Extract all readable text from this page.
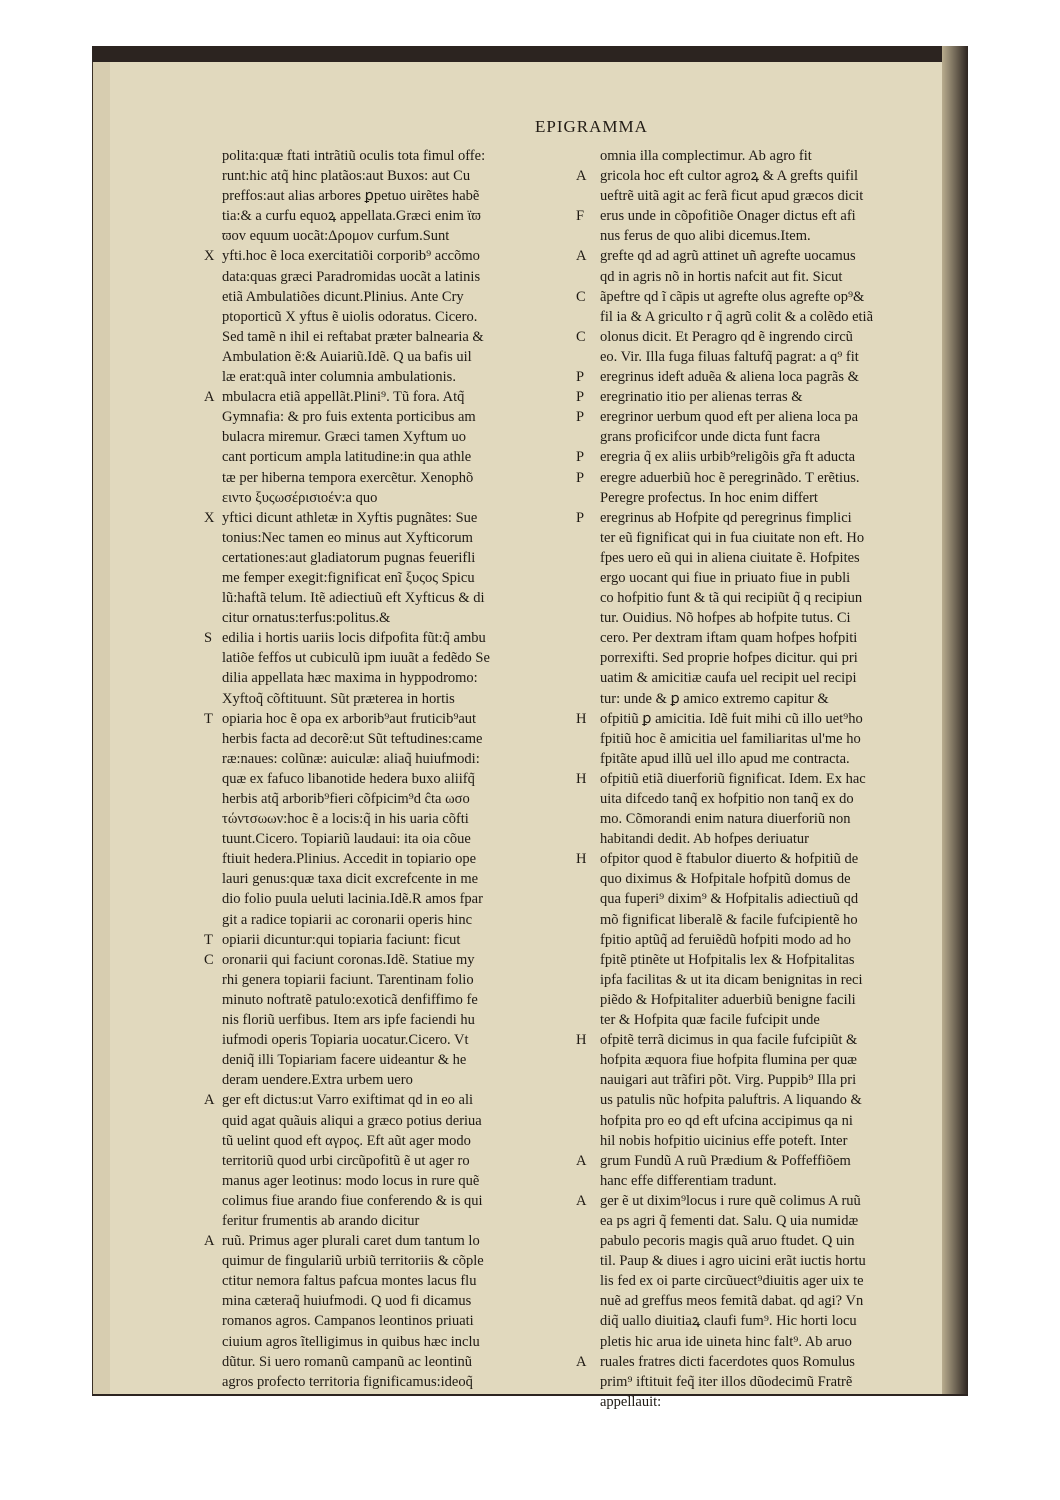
EPIGRAMMA
polita:quæ ftati intrãtiũ oculis tota fimul offe:
runt:hic atq̃ hinc platãos:aut Buxos: aut Cu
preffos:aut alias arbores ꝑpetuo uirẽtes habẽ
tia:& a curfu equoꝝ appellata.Græci enim ϊϖ
ϖov equum uocãt:Δρομον curfum.Sunt
X yfti.hoc ẽ loca exercitatiõi corporib⁹ accõmo
data:quas græci Paradromidas uocãt a latinis
etiã Ambulatiões dicunt.Plinius. Ante Cry
ptoporticũ X yftus ẽ uiolis odoratus. Cicero.
Sed tamẽ n ihil ei reftabat præter balnearia &
Ambulation ẽ:& Auiariũ.Idẽ. Q ua bafis uil
læ erat:quã inter columnia ambulationis.
A mbulacra etiã appellãt.Plini⁹. Tũ fora. Atq̃
Gymnafia: & pro fuis extenta porticibus am
bulacra miremur. Græci tamen Xyftum uo
cant porticum ampla latitudine:in qua athle
tæ per hiberna tempora exercẽtur. Xenophõ
ειντο ξυςωσέρισιοέv:a quo
X yftici dicunt athletæ in Xyftis pugnãtes: Sue
tonius:Nec tamen eo minus aut Xyfticorum
certationes:aut gladiatorum pugnas feuerifli
me femper exegit:fignificat enĩ ξυςος Spicu
lũ:haftã telum. Itẽ adiectiuũ eft Xyfticus & di
citur ornatus:terfus:politus.&
S edilia i hortis uariis locis difpofita fũt:q̃ ambu
latiõe feffos ut cubiculũ ipm iuuãt a fedẽdo Se
dilia appellata hæc maxima in hyppodromo:
Xyftoq̃ cõftituunt. Sũt præterea in hortis
T opiaria hoc ẽ opa ex arborib⁹aut fruticib⁹aut
herbis facta ad decorẽ:ut Sũt teftudines:came
ræ:naues: colũnæ: auiculæ: aliaq̃ huiufmodi:
quæ ex fafuco libanotide hedera buxo aliifq̃
herbis atq̃ arborib⁹fieri cõfpicim⁹d ĉta ωσο
τώντσωων:hoc ẽ a locis:q̃ in his uaria cõfti
tuunt.Cicero. Topiariũ laudaui: ita oia cõue
ftiuit hedera.Plinius. Accedit in topiario ope
lauri genus:quæ taxa dicit excrefcente in me
dio folio puula ueluti lacinia.Idẽ.R amos fpar
git a radice topiarii ac coronarii operis hinc
T opiarii dicuntur:qui topiaria faciunt: ficut
C oronarii qui faciunt coronas.Idẽ. Statiue my
rhi genera topiarii faciunt. Tarentinam folio
minuto noftratẽ patulo:exoticã denfiffimo fe
nis floriũ uerfibus. Item ars ipfe faciendi hu
iufmodi operis Topiaria uocatur.Cicero. Vt
deniq̃ illi Topiariam facere uideantur & he
deram uendere.Extra urbem uero
A ger eft dictus:ut Varro exiftimat qd in eo ali
quid agat quãuis aliqui a græco potius deriua
tũ uelint quod eft αγρος. Eft aũt ager modo
territoriũ quod urbi circũpofitũ ẽ ut ager ro
manus ager leotinus: modo locus in rure quẽ
colimus fiue arando fiue conferendo & is qui
feritur frumentis ab arando dicitur
A ruũ. Primus ager plurali caret dum tantum lo
quimur de fingulariũ urbiũ territoriis & cõple
ctitur nemora faltus pafcua montes lacus flu
mina cæteraq̃ huiufmodi. Q uod fi dicamus
romanos agros. Campanos leontinos priuati
ciuium agros ĩtelligimus in quibus hæc inclu
dũtur. Si uero romanũ campanũ ac leontinũ
agros profecto territoria fignificamus:ideoq̃
omnia illa complectimur. Ab agro fit
A gricola hoc eft cultor agroꝝ & A grefts quifil
ueftrẽ uitã agit ac ferã ficut apud græcos dicit
F erus unde in cõpofitiõe Onager dictus eft afi
nus ferus de quo alibi dicemus.Item.
A grefte qd ad agrũ attinet uñ agrefte uocamus
qd in agris nõ in hortis nafcit aut fit. Sicut
C ãpeftre qd ĩ cãpis ut agrefte olus agrefte op⁹&
fil ia & A griculto r q̃ agrũ colit & a colẽdo etiã
C olonus dicit. Et Peragro qd ẽ ingrendo circũ
eo. Vir. Illa fuga filuas faltufq̃ pagrat: a q⁹ fit
P eregrinus ideft aduẽa & aliena loca pagrãs &
P eregrinatio itio per alienas terras &
P eregrinor uerbum quod eft per aliena loca pa
grans proficifcor unde dicta funt facra
P eregria q̃ ex aliis urbib⁹religõis gr̃a ft aducta
P eregre aduerbiũ hoc ẽ peregrinãdo. T erẽtius.
Peregre profectus. In hoc enim differt
P eregrinus ab Hofpite qd peregrinus fimplici
ter eũ fignificat qui in fua ciuitate non eft. Ho
fpes uero eũ qui in aliena ciuitate ẽ. Hofpites
ergo uocant qui fiue in priuato fiue in publi
co hofpitio funt & tã qui recipiũt q̃ q recipiun
tur. Ouidius. Nõ hofpes ab hofpite tutus. Ci
cero. Per dextram iftam quam hofpes hofpiti
porrexifti. Sed proprie hofpes dicitur. qui pri
uatim & amicitiæ caufa uel recipit uel recipi
tur: unde & ꝑ amico extremo capitur &
H ofpitiũ ꝑ amicitia. Idẽ fuit mihi cũ illo uet⁹ho
fpitiũ hoc ẽ amicitia uel familiaritas ul'me ho
fpitãte apud illũ uel illo apud me contracta.
H ofpitiũ etiã diuerforiũ fignificat. Idem. Ex hac
uita difcedo tanq̃ ex hofpitio non tanq̃ ex do
mo. Cõmorandi enim natura diuerforiũ non
habitandi dedit. Ab hofpes deriuatur
H ofpitor quod ẽ ftabulor diuerto & hofpitiũ de
quo diximus & Hofpitale hofpitũ domus de
qua fuperi⁹ dixim⁹ & Hofpitalis adiectiuũ qd
mõ fignificat liberalẽ & facile fufcipientẽ ho
fpitio aptũq̃ ad feruiẽdũ hofpiti modo ad ho
fpitẽ ptinẽte ut Hofpitalis lex & Hofpitalitas
ipfa facilitas & ut ita dicam benignitas in reci
piẽdo & Hofpitaliter aduerbiũ benigne facili
ter & Hofpita quæ facile fufcipit unde
H ofpitẽ terrã dicimus in qua facile fufcipiũt &
hofpita æquora fiue hofpita flumina per quæ
nauigari aut trãfiri põt. Virg. Puppib⁹ Illa pri
us patulis nũc hofpita paluftris. A liquando &
hofpita pro eo qd eft ufcina accipimus qa ni
hil nobis hofpitio uicinius effe poteft. Inter
A grum Fundũ A ruũ Prædium & Poffeffiõem
hanc effe differentiam tradunt.
A ger ẽ ut dixim⁹locus i rure quẽ colimus A ruũ
ea ps agri q̃ fementi dat. Salu. Q uia numidæ
pabulo pecoris magis quã aruo ftudet. Q uin
til. Paup & diues i agro uicini erãt iuctis hortu
lis fed ex oi parte circũuect⁹diuitis ager uix te
nuẽ ad greffus meos femitã dabat. qd agi? Vn
diq̃ uallo diuitiaꝝ claufi fum⁹. Hic horti locu
pletis hic arua ide uineta hinc falt⁹. Ab aruo
A ruales fratres dicti facerdotes quos Romulus
prim⁹ iftituit feq̃ iter illos dũodecimũ Fratrẽ
appellauit:
